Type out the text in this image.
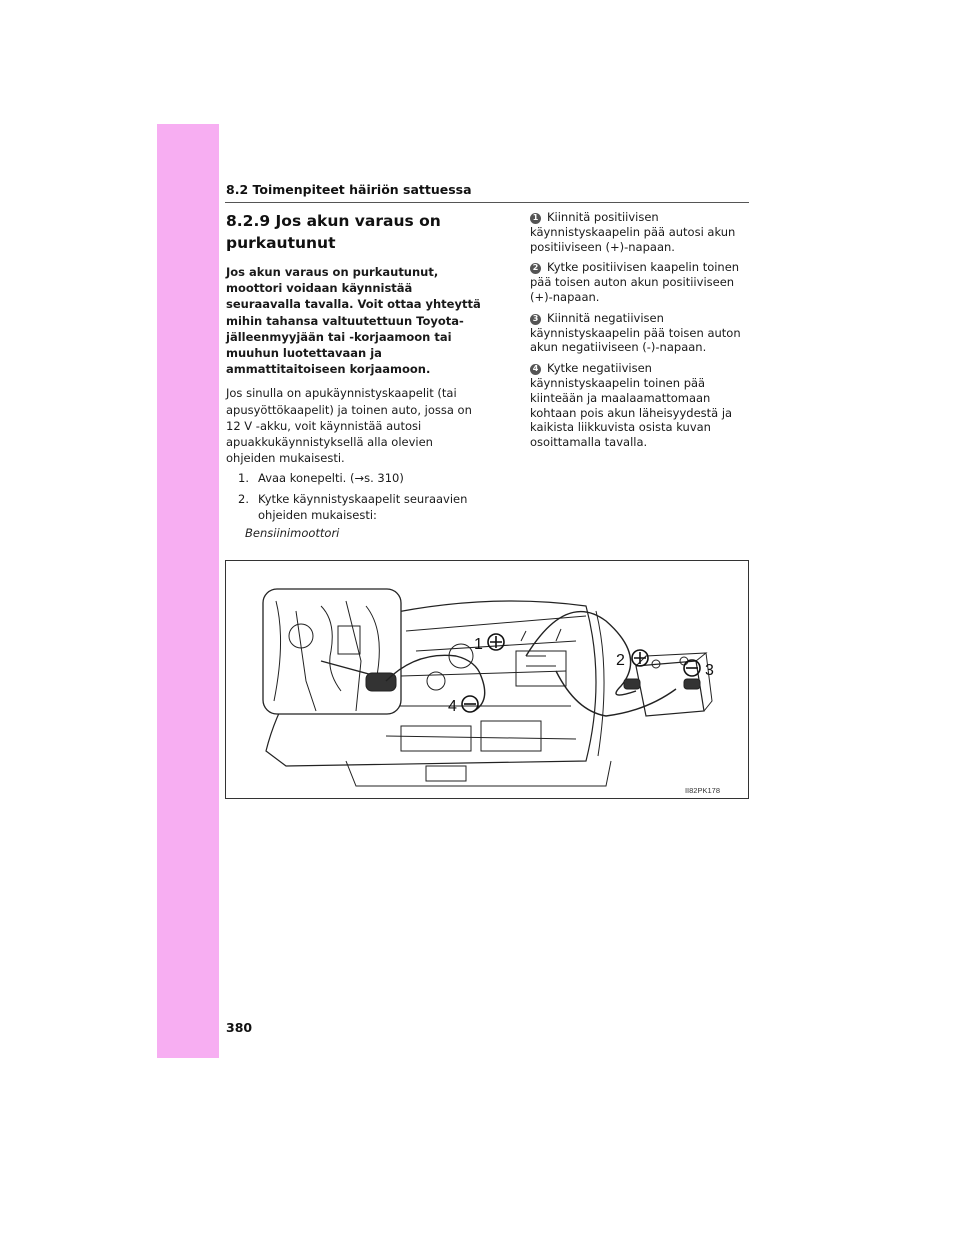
8.2 Toimenpiteet häiriön sattuessa
8.2.9 Jos akun varaus on purkautunut

Jos akun varaus on purkautunut, moottori voidaan käynnistää seuraavalla tavalla. Voit ottaa yhteyttä mihin tahansa valtuutettuun Toyota-jälleenmyyjään tai -korjaamoon tai muuhun luotettavaan ja ammattitaitoiseen korjaamoon.

Jos sinulla on apukäynnistyskaapelit (tai apusyöttökaapelit) ja toinen auto, jossa on 12 V -akku, voit käynnistää autosi apuakkukäynnistyksellä alla olevien ohjeiden mukaisesti.

1. Avaa konepelti. (→s. 310)

2. Kytke käynnistyskaapelit seuraavien ohjeiden mukaisesti:

1 Kiinnitä positiivisen käynnistyskaapelin pää autosi akun positiiviseen (+)-napaan.

2 Kytke positiivisen kaapelin toinen pää toisen auton akun positiiviseen (+)-napaan.

3 Kiinnitä negatiivisen käynnistyskaapelin pää toisen auton akun negatiiviseen (-)-napaan.

4 Kytke negatiivisen käynnistyskaapelin toinen pää kiinteään ja maalaamattomaan kohtaan pois akun läheisyydestä ja kaikista liikkuvista osista kuvan osoittamalla tavalla.

Bensiinimoottori
1
2
3
4
II82PK178
380
